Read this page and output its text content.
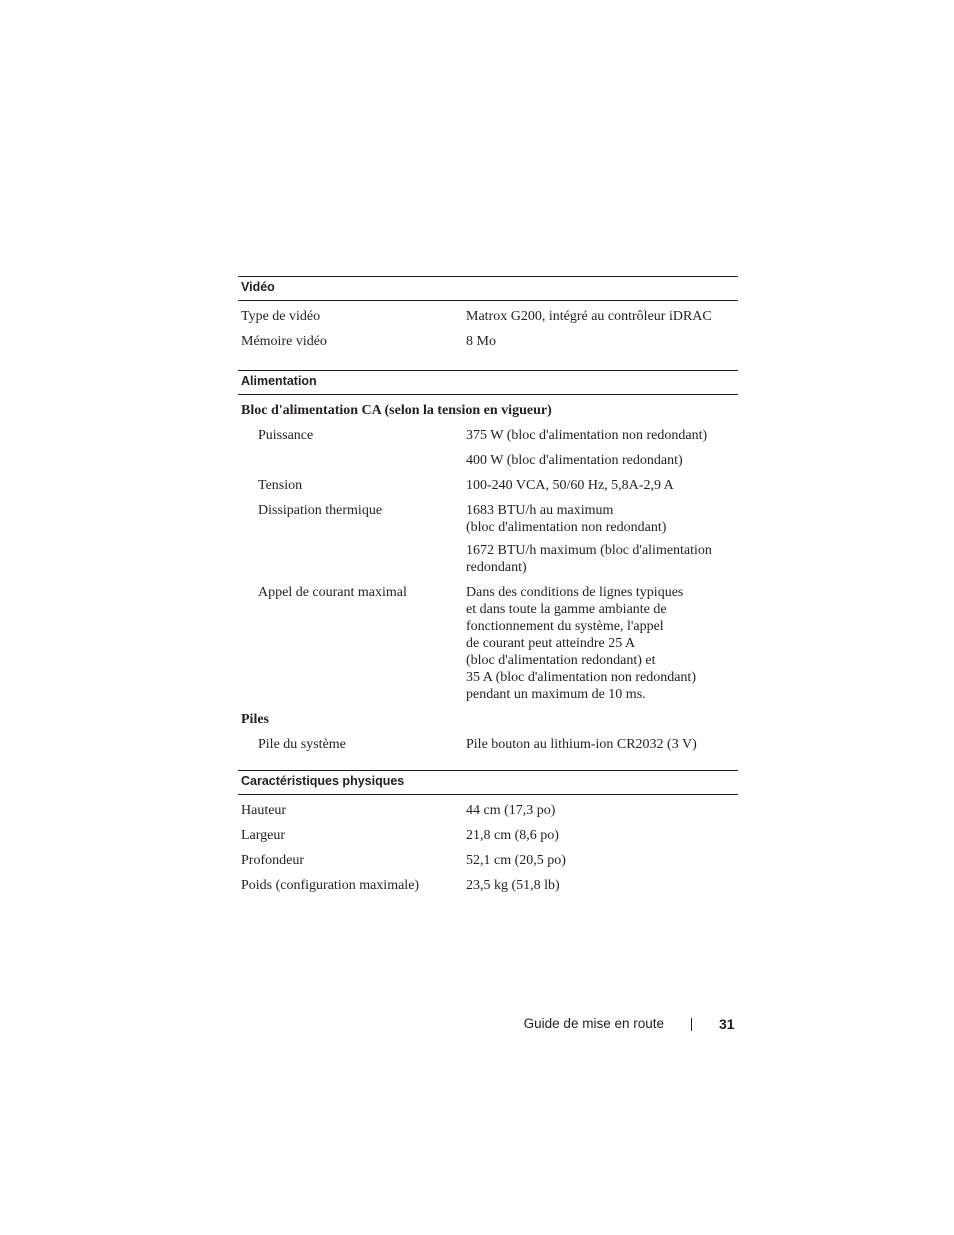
Vidéo
Type de vidéo	Matrox G200, intégré au contrôleur iDRAC
Mémoire vidéo	8 Mo
Alimentation
Bloc d'alimentation CA (selon la tension en vigueur)
Puissance	375 W (bloc d'alimentation non redondant)
400 W (bloc d'alimentation redondant)
Tension	100-240 VCA, 50/60 Hz, 5,8A-2,9 A
Dissipation thermique	1683 BTU/h au maximum
(bloc d'alimentation non redondant)
1672 BTU/h maximum (bloc d'alimentation
redondant)
Appel de courant maximal	Dans des conditions de lignes typiques
et dans toute la gamme ambiante de
fonctionnement du système, l'appel
de courant peut atteindre 25 A
(bloc d'alimentation redondant) et
35 A (bloc d'alimentation non redondant)
pendant un maximum de 10 ms.
Piles
Pile du système	Pile bouton au lithium-ion CR2032 (3 V)
Caractéristiques physiques
Hauteur	44 cm (17,3 po)
Largeur	21,8 cm (8,6 po)
Profondeur	52,1 cm (20,5 po)
Poids (configuration maximale)	23,5 kg (51,8 lb)
Guide de mise en route	31
